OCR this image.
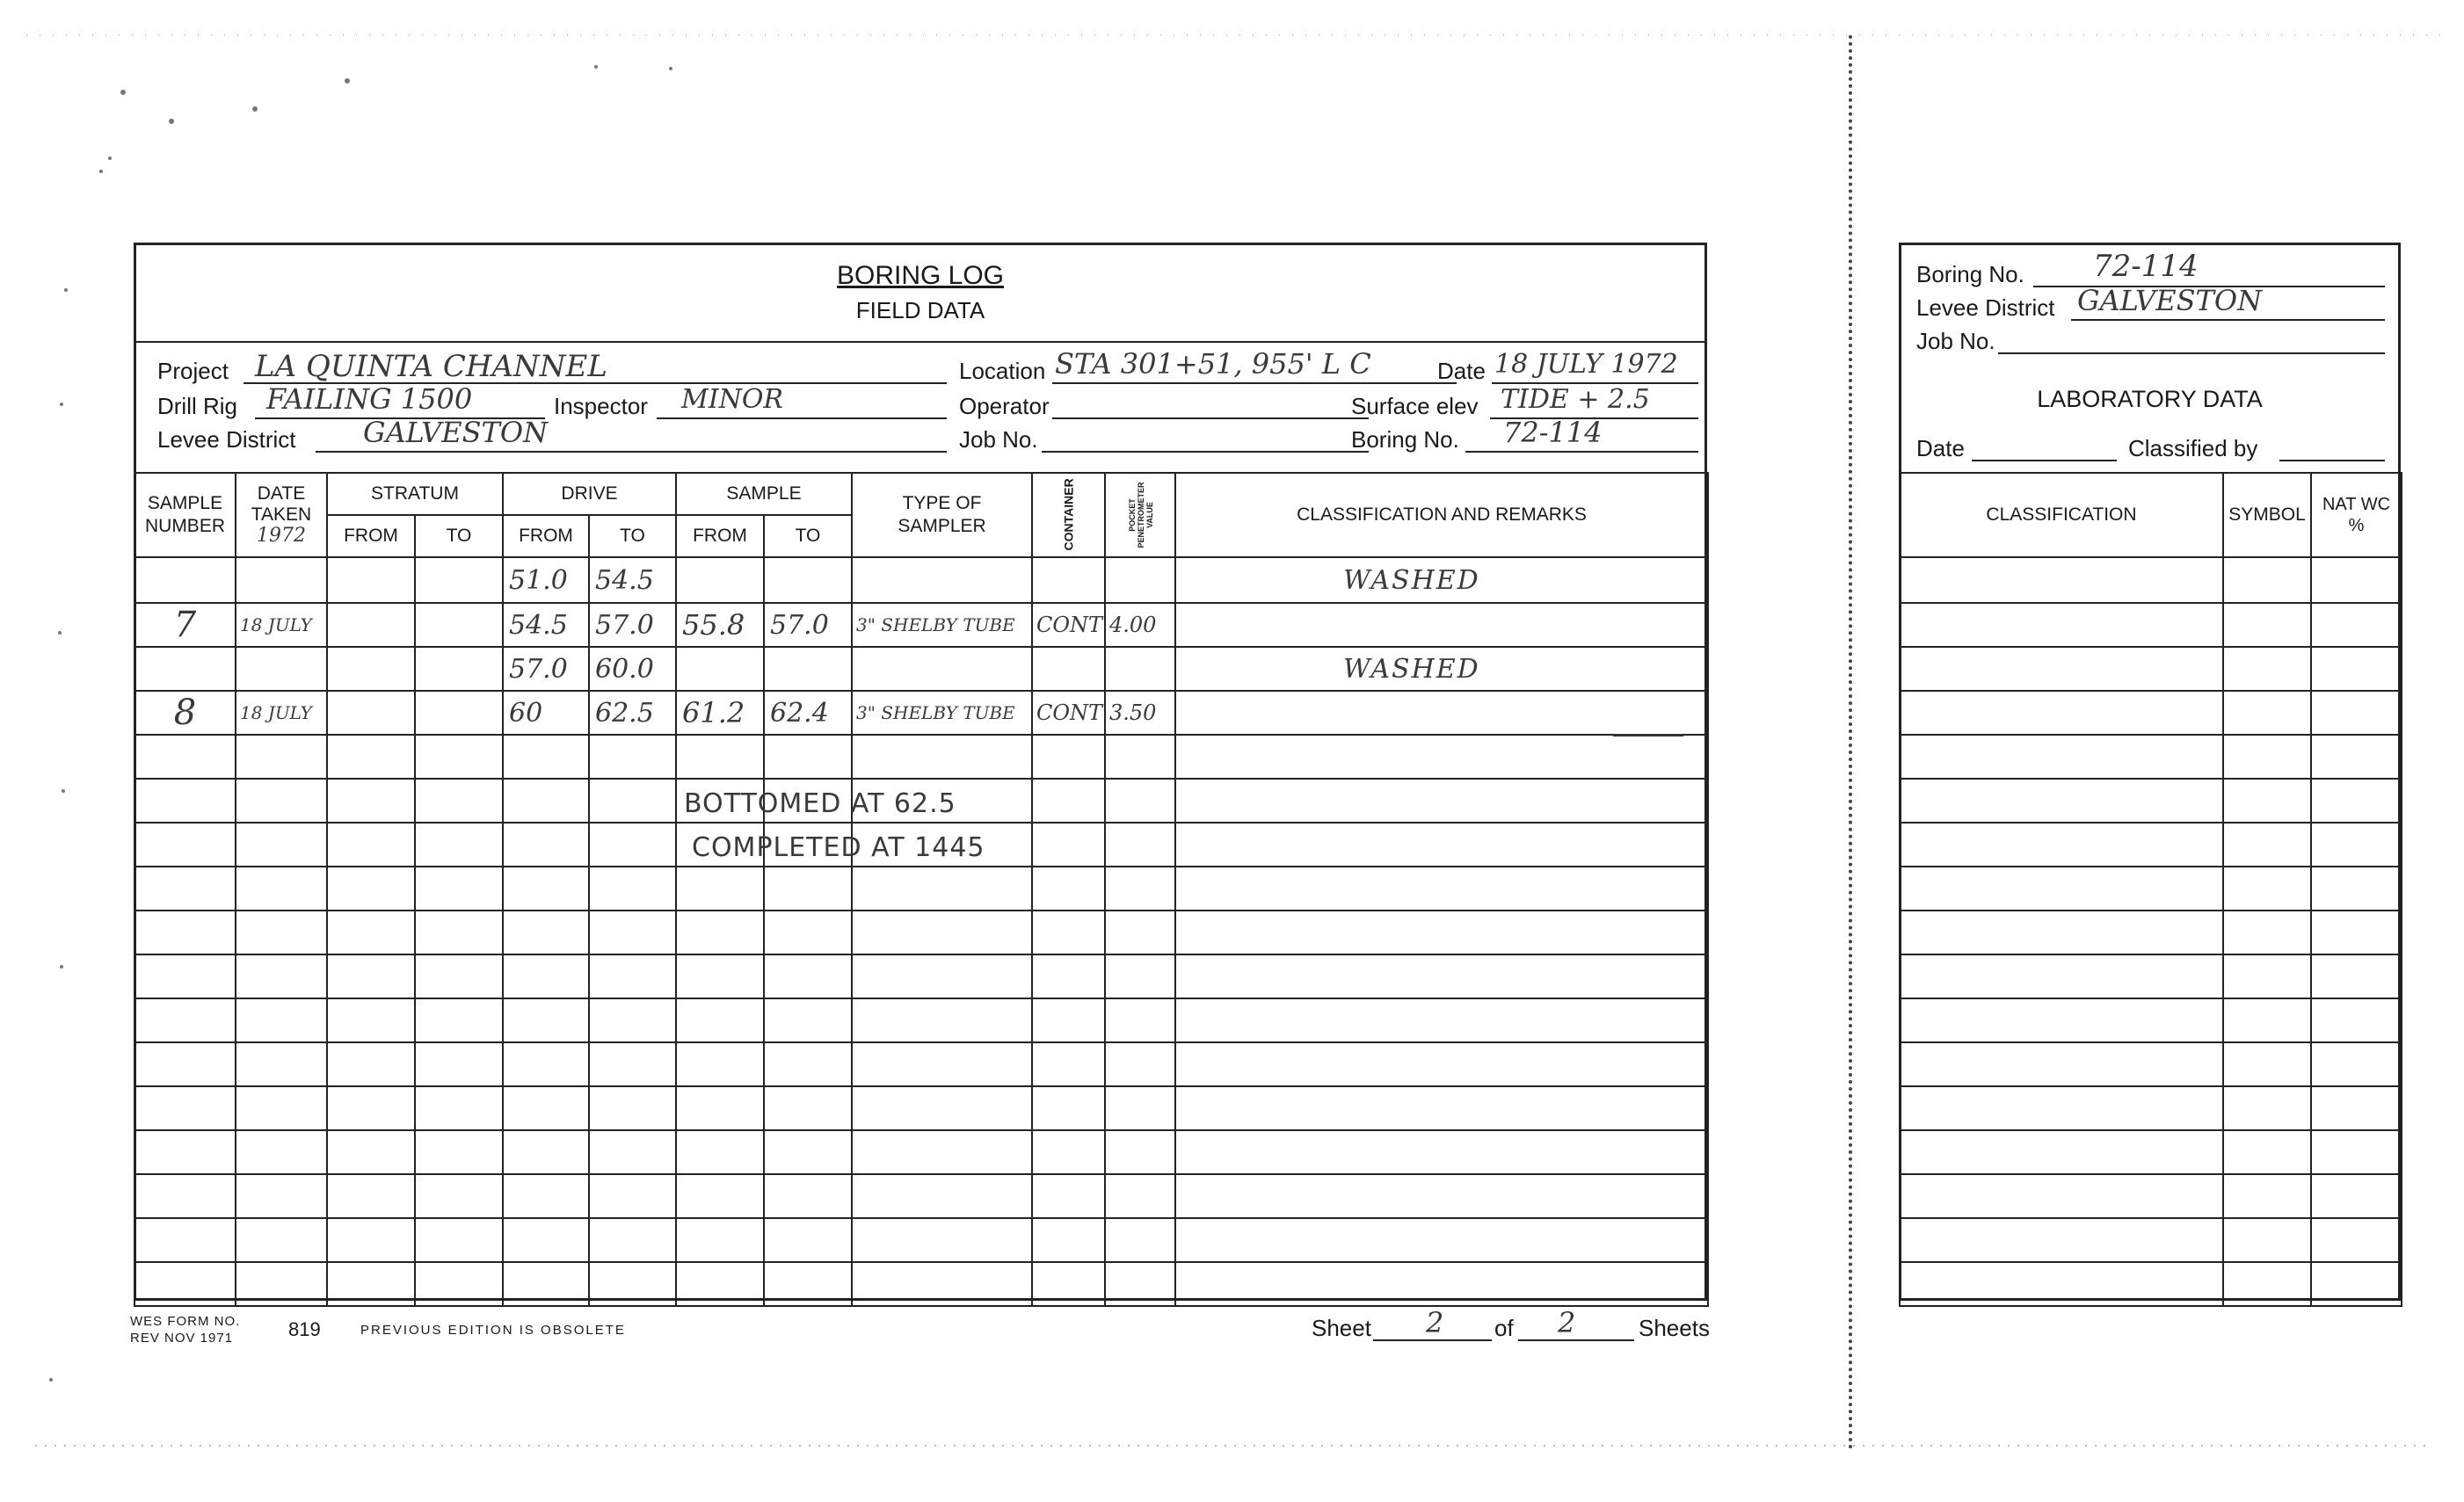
BORING LOG
FIELD DATA
Project LA QUINTA CHANNEL	Location STA 301+51, 955' L C	Date 18 JULY 1972
Drill Rig FAILING 1500	Inspector MINOR	Operator	Surface elev TIDE + 2.5
Levee District GALVESTON	Job No.	Boring No. 72-114
SAMPLE NUMBER	DATE TAKEN
1972	STRATUM		DRIVE		SAMPLE		TYPE OF SAMPLER	CONTAINER	POCKET PENETROMETER VALUE	CLASSIFICATION AND REMARKS
		FROM	TO	FROM	TO	FROM	TO				
				51.0	54.5						WASHED
7	18 JULY			54.5	57.0	55.8	57.0	3" SHELBY TUBE	CONT	4.00	
				57.0	60.0						WASHED
8	18 JULY			60	62.5	61.2	62.4	3" SHELBY TUBE	CONT	3.50	

BOTTOMED AT 62.5
COMPLETED AT 1445
WES FORM NO.
REV NOV 1971	819	PREVIOUS EDITION IS OBSOLETE	Sheet 2 of 2	Sheets
Boring No. 72-114
Levee District GALVESTON
Job No.
LABORATORY DATA
Date	Classified by
CLASSIFICATION	SYMBOL	NAT WC
%
